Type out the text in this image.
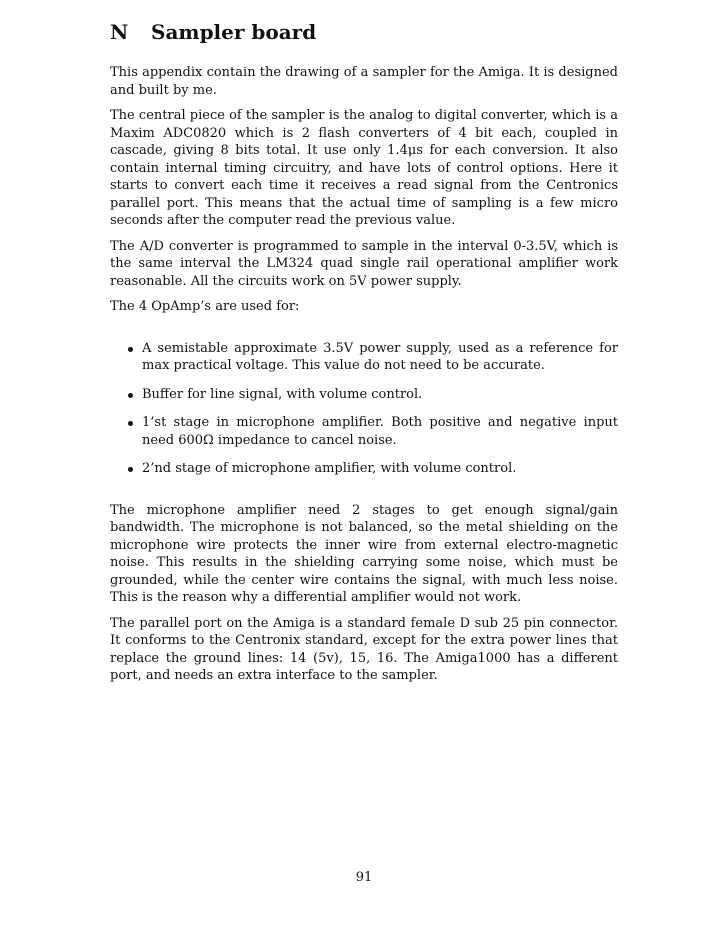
N	Sampler board

This appendix contain the drawing of a sampler for the Amiga. It is designed and built by me.

The central piece of the sampler is the analog to digital converter, which is a Maxim ADC0820 which is 2 flash converters of 4 bit each, coupled in cascade, giving 8 bits total. It use only 1.4μs for each conversion. It also contain internal timing circuitry, and have lots of control options. Here it starts to convert each time it receives a read signal from the Centronics parallel port. This means that the actual time of sampling is a few micro seconds after the computer read the previous value.

The A/D converter is programmed to sample in the interval 0-3.5V, which is the same interval the LM324 quad single rail operational amplifier work reasonable. All the circuits work on 5V power supply.

The 4 OpAmp’s are used for:

A semistable approximate 3.5V power supply, used as a reference for max practical voltage. This value do not need to be accurate.
Buffer for line signal, with volume control.
1’st stage in microphone amplifier. Both positive and negative input need 600Ω impedance to cancel noise.
2’nd stage of microphone amplifier, with volume control.

The microphone amplifier need 2 stages to get enough signal/gain bandwidth. The microphone is not balanced, so the metal shielding on the microphone wire protects the inner wire from external electro-magnetic noise. This results in the shielding carrying some noise, which must be grounded, while the center wire contains the signal, with much less noise. This is the reason why a differential amplifier would not work.

The parallel port on the Amiga is a standard female D sub 25 pin connector. It conforms to the Centronix standard, except for the extra power lines that replace the ground lines: 14 (5v), 15, 16. The Amiga1000 has a different port, and needs an extra interface to the sampler.

91
